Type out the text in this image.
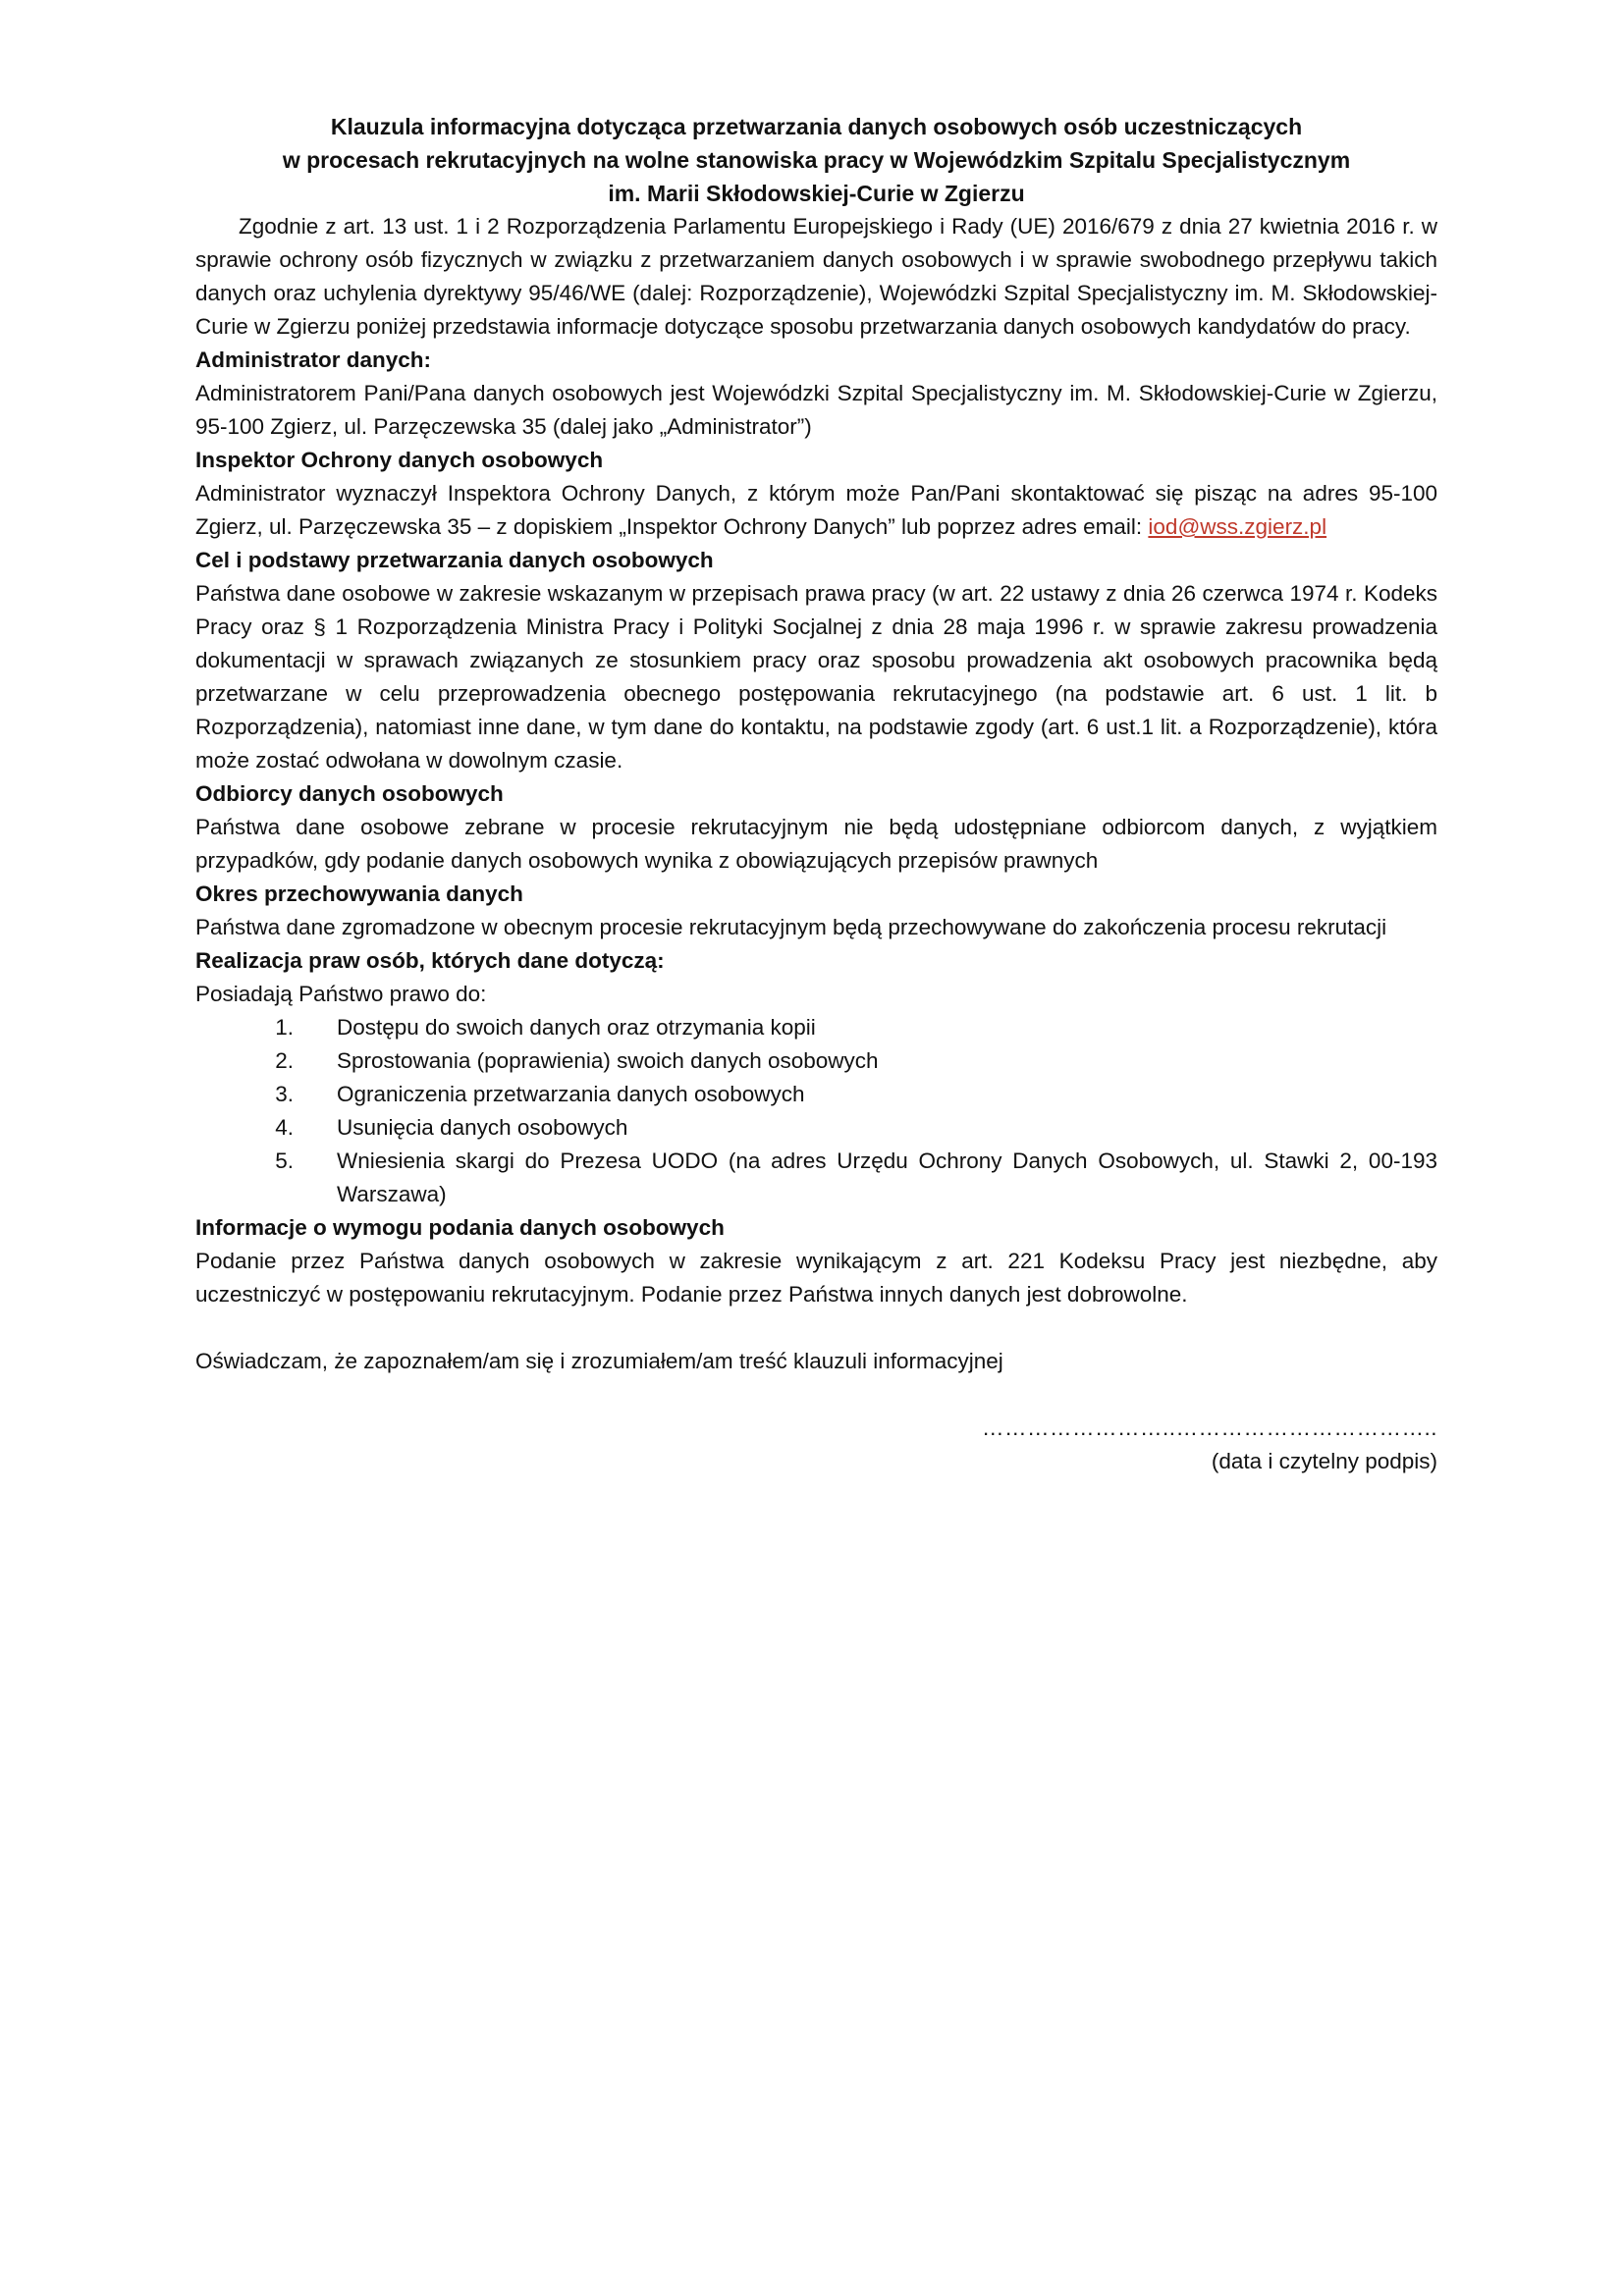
Klauzula informacyjna dotycząca przetwarzania danych osobowych osób uczestniczących
w procesach rekrutacyjnych na wolne stanowiska pracy w Wojewódzkim Szpitalu Specjalistycznym
im. Marii Skłodowskiej-Curie w Zgierzu

Zgodnie z art. 13 ust. 1 i 2 Rozporządzenia Parlamentu Europejskiego i Rady (UE) 2016/679 z dnia 27 kwietnia 2016 r. w sprawie ochrony osób fizycznych w związku z przetwarzaniem danych osobowych i w sprawie swobodnego przepływu takich danych oraz uchylenia dyrektywy 95/46/WE (dalej: Rozporządzenie), Wojewódzki Szpital Specjalistyczny im. M. Skłodowskiej-Curie w Zgierzu poniżej przedstawia informacje dotyczące sposobu przetwarzania danych osobowych kandydatów do pracy.

Administrator danych:

Administratorem Pani/Pana danych osobowych jest Wojewódzki Szpital Specjalistyczny im. M. Skłodowskiej-Curie w Zgierzu, 95-100 Zgierz, ul. Parzęczewska 35 (dalej jako „Administrator”)

Inspektor Ochrony danych osobowych

Administrator wyznaczył Inspektora Ochrony Danych, z którym może Pan/Pani skontaktować się pisząc na adres 95-100 Zgierz, ul. Parzęczewska 35 – z dopiskiem „Inspektor Ochrony Danych” lub poprzez adres email: iod@wss.zgierz.pl

Cel i podstawy przetwarzania danych osobowych

Państwa dane osobowe w zakresie wskazanym w przepisach prawa pracy (w art. 22 ustawy z dnia 26 czerwca 1974 r. Kodeks Pracy oraz § 1 Rozporządzenia Ministra Pracy i Polityki Socjalnej z dnia 28 maja 1996 r. w sprawie zakresu prowadzenia dokumentacji w sprawach związanych ze stosunkiem pracy oraz sposobu prowadzenia akt osobowych pracownika będą przetwarzane w celu przeprowadzenia obecnego postępowania rekrutacyjnego (na podstawie art. 6 ust. 1 lit. b Rozporządzenia), natomiast inne dane, w tym dane do kontaktu, na podstawie zgody (art. 6 ust.1 lit. a Rozporządzenie), która może zostać odwołana w dowolnym czasie.

Odbiorcy danych osobowych

Państwa dane osobowe zebrane w procesie rekrutacyjnym nie będą udostępniane odbiorcom danych, z wyjątkiem przypadków, gdy podanie danych osobowych wynika z obowiązujących przepisów prawnych

Okres przechowywania danych

Państwa dane zgromadzone w obecnym procesie rekrutacyjnym będą przechowywane do zakończenia procesu rekrutacji

Realizacja praw osób, których dane dotyczą:

Posiadają Państwo prawo do:

1.	Dostępu do swoich danych oraz otrzymania kopii
2.	Sprostowania (poprawienia) swoich danych osobowych
3.	Ograniczenia przetwarzania danych osobowych
4.	Usunięcia danych osobowych
5.	Wniesienia skargi do Prezesa UODO (na adres Urzędu Ochrony Danych Osobowych, ul. Stawki 2, 00-193 Warszawa)
Informacje o wymogu podania danych osobowych

Podanie przez Państwa danych osobowych w zakresie wynikającym z art. 221 Kodeksu Pracy jest niezbędne, aby uczestniczyć w postępowaniu rekrutacyjnym. Podanie przez Państwa innych danych jest dobrowolne.

Oświadczam, że zapoznałem/am się i zrozumiałem/am treść klauzuli informacyjnej

……………………..……………………………..
(data i czytelny podpis)
